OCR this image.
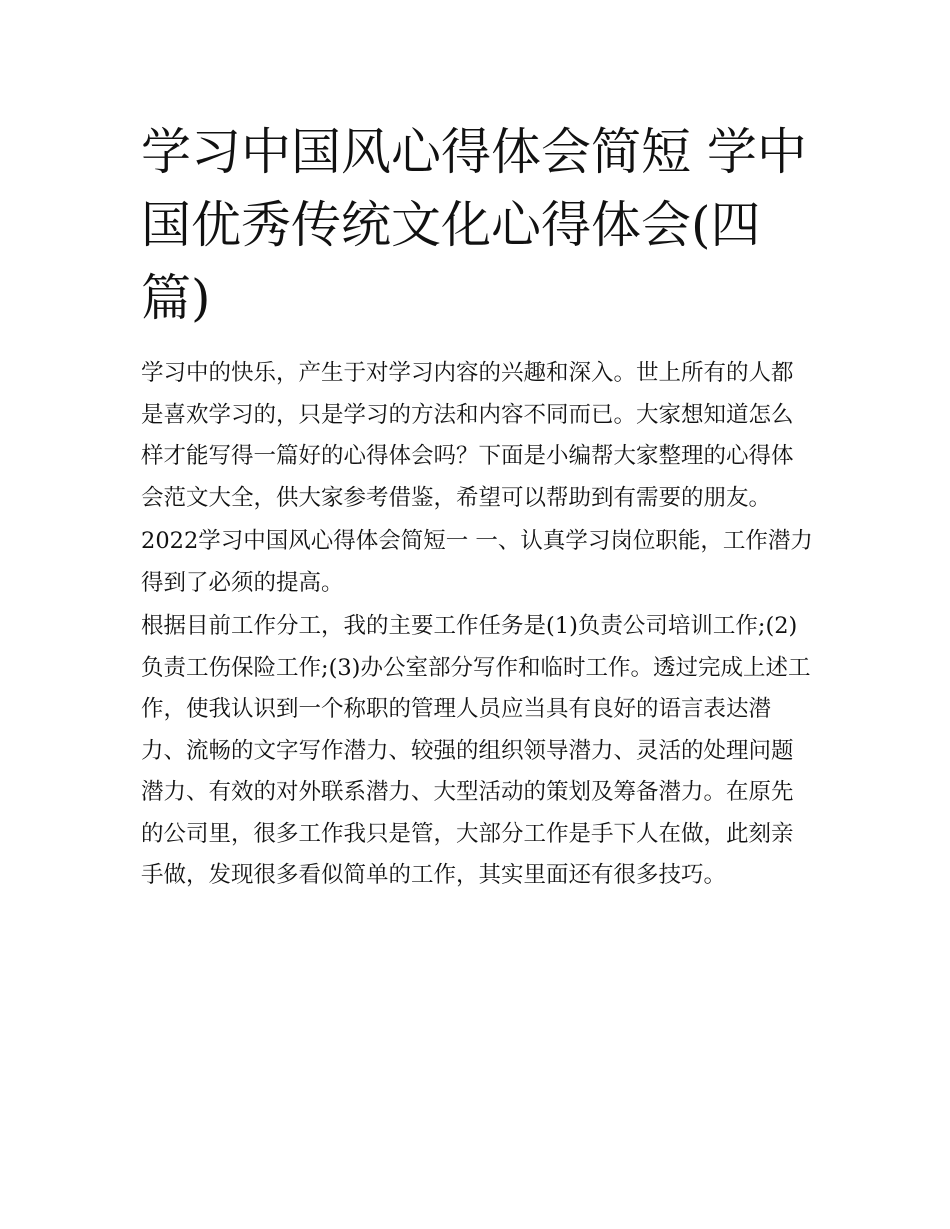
学习中国风心得体会简短 学中国优秀传统文化心得体会(四篇)

学习中的快乐，产生于对学习内容的兴趣和深入。世上所有的人都是喜欢学习的，只是学习的方法和内容不同而已。大家想知道怎么样才能写得一篇好的心得体会吗？下面是小编帮大家整理的心得体会范文大全，供大家参考借鉴，希望可以帮助到有需要的朋友。

2022学习中国风心得体会简短一 一、认真学习岗位职能，工作潜力得到了必须的提高。

根据目前工作分工，我的主要工作任务是(1)负责公司培训工作;(2)负责工伤保险工作;(3)办公室部分写作和临时工作。透过完成上述工作，使我认识到一个称职的管理人员应当具有良好的语言表达潜力、流畅的文字写作潜力、较强的组织领导潜力、灵活的处理问题潜力、有效的对外联系潜力、大型活动的策划及筹备潜力。在原先的公司里，很多工作我只是管，大部分工作是手下人在做，此刻亲手做，发现很多看似简单的工作，其实里面还有很多技巧。
